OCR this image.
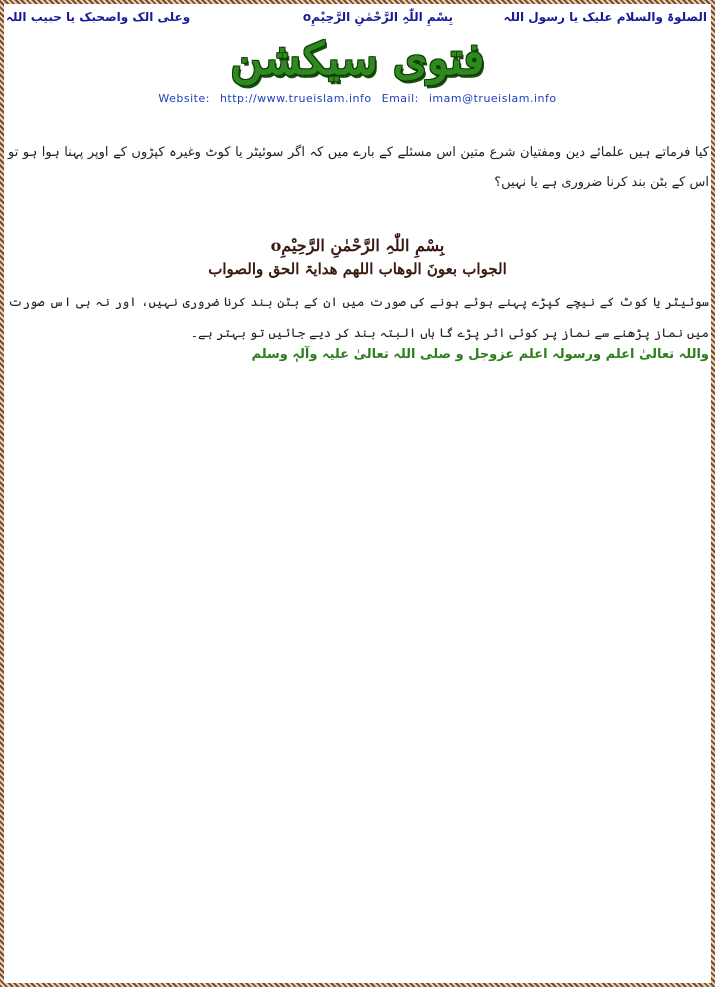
الصلوۃ والسلام علیک یا رسول اللہ
بِسْمِ اللّٰہِ الرَّحْمٰنِ الرَّحِیْمِo
وعلی الک واصحبک یا حبیب اللہ
فتوی سیکشن
Website: http://www.trueislam.info Email: imam@trueislam.info
کیا فرماتے ہیں علمائے دین ومفتیان شرع متین اس مسئلے کے بارے میں کہ اگر سوئیٹر یا کوٹ وغیرہ کپڑوں کے اوپر پہنا ہوا ہو تو اس کے بٹن بند کرنا ضروری ہے یا نہیں؟
بِسْمِ اللّٰہِ الرَّحْمٰنِ الرَّحِیْمِo
الجواب بعونَ الوھاب اللھم ھدایۃ الحق والصواب
سوئیٹر یا کوٹ کے نیچے کپڑے پہنے ہوئے ہونے کی صورت میں ان کے بٹن بند کرنا ضروری نہیں، اور نہ ہی اس صورت میں نماز پڑھنے سے نماز پر کوئی اثر پڑے گا ہاں البتہ بند کر دیے جائیں تو بہتر ہے۔
واللہ تعالیٰ اعلم ورسولہ اعلم عزوجل و صلی اللہ تعالیٰ علیہ وآلہٖ وسلم
